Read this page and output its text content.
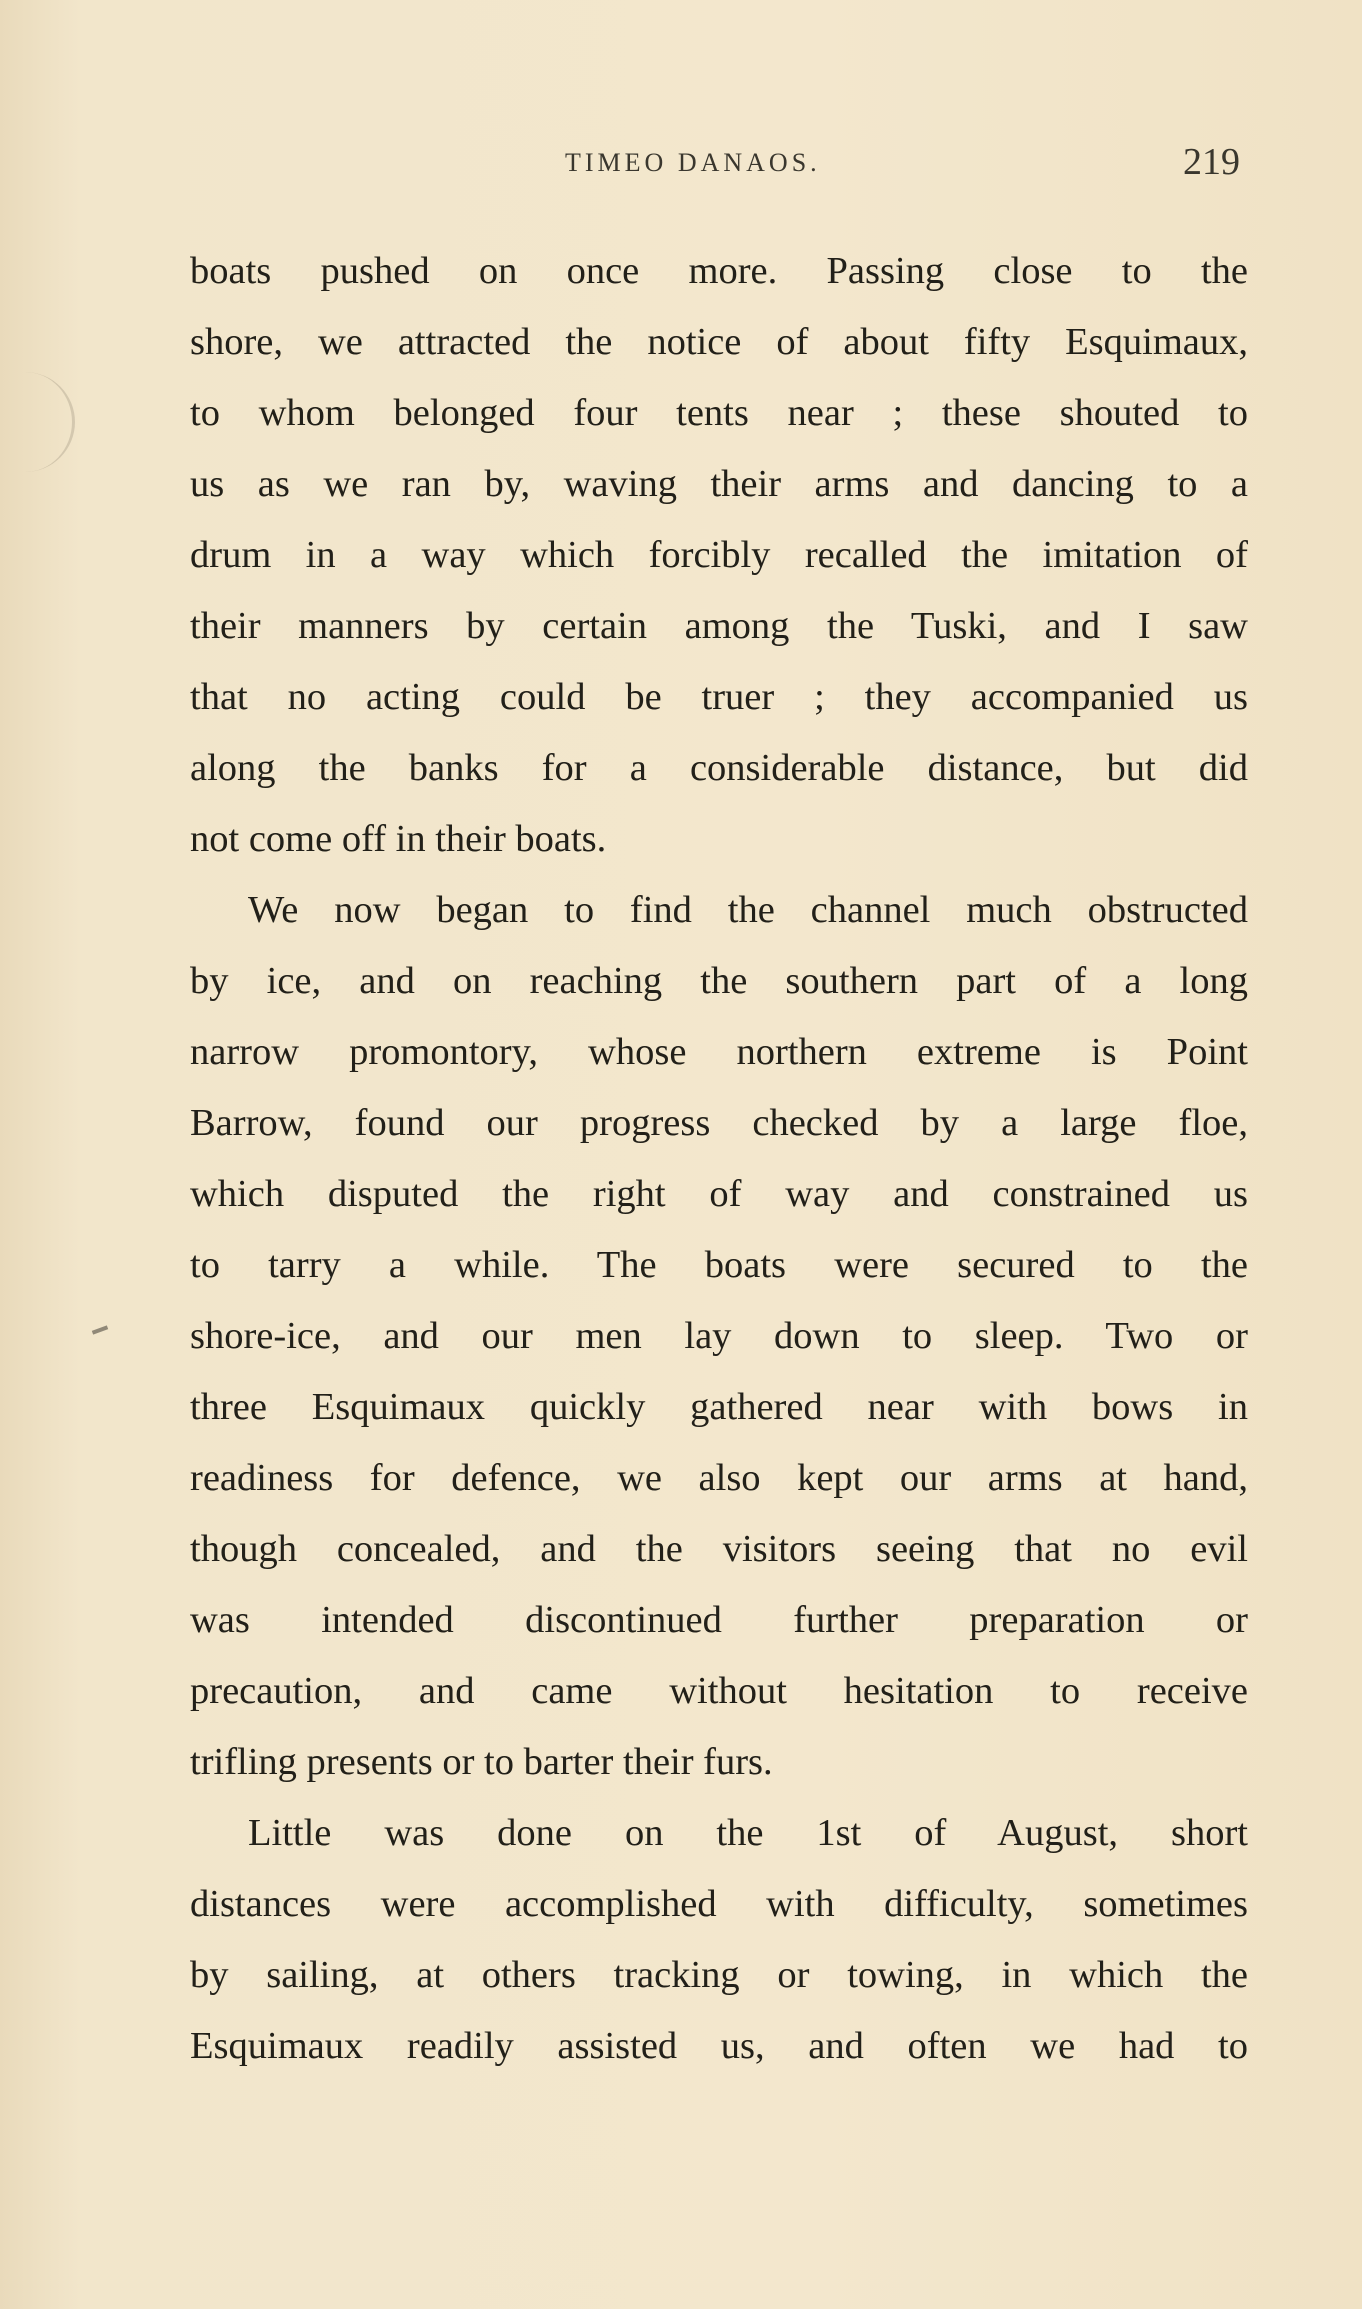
TIMEO DANAOS.	219
boats pushed on once more. Passing close to the
shore, we attracted the notice of about fifty Esquimaux,
to whom belonged four tents near ; these shouted to
us as we ran by, waving their arms and dancing to a
drum in a way which forcibly recalled the imitation of
their manners by certain among the Tuski, and I saw
that no acting could be truer ; they accompanied us
along the banks for a considerable distance, but did
not come off in their boats.
We now began to find the channel much obstructed
by ice, and on reaching the southern part of a long
narrow promontory, whose northern extreme is Point
Barrow, found our progress checked by a large floe,
which disputed the right of way and constrained us
to tarry a while. The boats were secured to the
shore-ice, and our men lay down to sleep. Two or
three Esquimaux quickly gathered near with bows in
readiness for defence, we also kept our arms at hand,
though concealed, and the visitors seeing that no evil
was intended discontinued further preparation or
precaution, and came without hesitation to receive
trifling presents or to barter their furs.
Little was done on the 1st of August, short
distances were accomplished with difficulty, sometimes
by sailing, at others tracking or towing, in which the
Esquimaux readily assisted us, and often we had to
